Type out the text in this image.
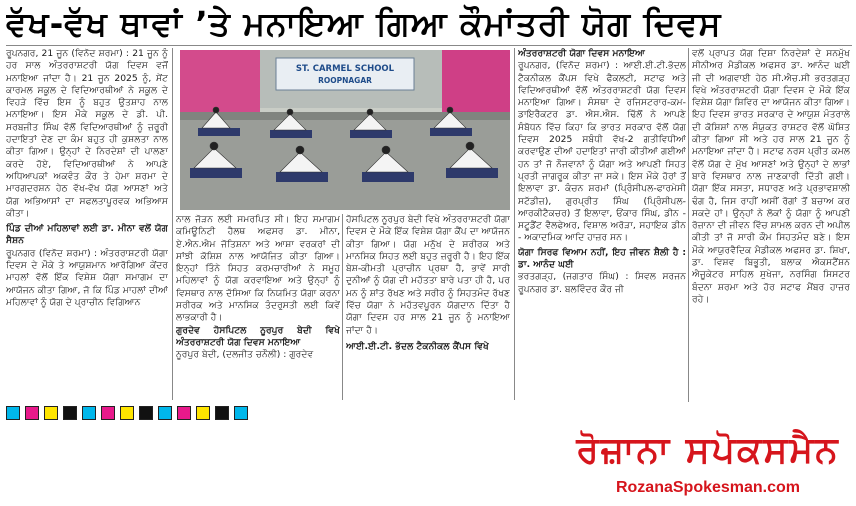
ਵੱਖ-ਵੱਖ ਥਾਵਾਂ ’ਤੇ ਮਨਾਇਆ ਗਿਆ ਕੌਮਾਂਤਰੀ ਯੋਗ ਦਿਵਸ

ਰੂਪਨਗਰ, 21 ਜੂਨ (ਵਿਨੋਦ ਸ਼ਰਮਾ) : 21 ਜੂਨ ਨੂੰ ਹਰ ਸਾਲ ਅੰਤਰਰਾਸ਼ਟਰੀ ਯੋਗ ਦਿਵਸ ਵਜੋਂ ਮਨਾਇਆ ਜਾਂਦਾ ਹੈ। 21 ਜੂਨ 2025 ਨੂੰ, ਸੇਂਟ ਕਾਰਮਲ ਸਕੂਲ ਦੇ ਵਿਦਿਆਰਥੀਆਂ ਨੇ ਸਕੂਲ ਦੇ ਵਿਹੜੇ ਵਿੱਚ ਇਸ ਨੂੰ ਬਹੁਤ ਉਤਸ਼ਾਹ ਨਾਲ ਮਨਾਇਆ। ਇਸ ਮੌਕੇ ਸਕੂਲ ਦੇ ਡੀ. ਪੀ. ਸਰਬਜੀਤ ਸਿੰਘ ਵੱਲੋਂ ਵਿਦਿਆਰਥੀਆਂ ਨੂੰ ਜ਼ਰੂਰੀ ਹਦਾਇਤਾਂ ਦੇਣ ਦਾ ਕੰਮ ਬਹੁਤ ਹੀ ਕੁਸ਼ਲਤਾ ਨਾਲ ਕੀਤਾ ਗਿਆ। ਉਨ੍ਹਾਂ ਦੇ ਨਿਰਦੇਸ਼ਾਂ ਦੀ ਪਾਲਣਾ ਕਰਦੇ ਹੋਏ, ਵਿਦਿਆਰਥੀਆਂ ਨੇ ਆਪਣੇ ਅਧਿਆਪਕਾਂ ਅਕਵੰਤ ਕੌਰ ਤੇ ਹੇਮਾ ਸ਼ਰਮਾ ਦੇ ਮਾਰਗਦਰਸ਼ਨ ਹੇਠ ਵੱਖ-ਵੱਖ ਯੋਗ ਆਸਣਾਂ ਅਤੇ ਯੋਗ ਅਭਿਆਸਾਂ ਦਾ ਸਫਲਤਾਪੂਰਵਕ ਅਭਿਆਸ ਕੀਤਾ।

ਪਿੰਡ ਦੀਆਂ ਮਹਿਲਾਵਾਂ ਲਈ ਡਾ. ਮੀਨਾ ਵਲੋਂ ਯੋਗ ਸੈਸ਼ਨ

ਰੂਪਨਗਰ (ਵਿਨੋਦ ਸ਼ਰਮਾ) : ਅੰਤਰਰਾਸ਼ਟਰੀ ਯੋਗਾ ਦਿਵਸ ਦੇ ਮੌਕੇ ਤੇ ਆਯੁਸ਼ਮਾਨ ਆਰੋਗਿਆ ਕੇਂਦਰ ਮਾਹਲਾਂ ਵੱਲੋਂ ਇੱਕ ਵਿਸ਼ੇਸ਼ ਯੋਗਾ ਸਮਾਗਮ ਦਾ ਆਯੋਜਨ ਕੀਤਾ ਗਿਆ, ਜੋ ਕਿ ਪਿੰਡ ਮਾਹਲਾਂ ਦੀਆਂ ਮਹਿਲਾਵਾਂ ਨੂੰ ਯੋਗ ਦੇ ਪ੍ਰਾਚੀਨ ਵਿਗਿਆਨ

ST. CARMEL SCHOOL
ROOPNAGAR

ਨਾਲ ਜੋੜਨ ਲਈ ਸਮਰਪਿਤ ਸੀ। ਇਹ ਸਮਾਗਮ ਕਮਿਊਨਿਟੀ ਹੈਲਥ ਅਫਸਰ ਡਾ. ਮੀਨਾ, ਏ.ਐਨ.ਐਮ ਜੋਤਿਸ਼ਨਾ ਅਤੇ ਆਸ਼ਾ ਵਰਕਰਾਂ ਦੀ ਸਾਂਝੀ ਕੋਸ਼ਿਸ਼ ਨਾਲ ਆਯੋਜਿਤ ਕੀਤਾ ਗਿਆ। ਇਨ੍ਹਾਂ ਤਿੰਨੇ ਸਿਹਤ ਕਰਮਚਾਰੀਆਂ ਨੇ ਸਮੂਹ ਮਹਿਲਾਵਾਂ ਨੂੰ ਯੋਗ ਕਰਵਾਇਆ ਅਤੇ ਉਨ੍ਹਾਂ ਨੂੰ ਵਿਸਥਾਰ ਨਾਲ ਦੱਸਿਆ ਕਿ ਨਿਯਮਿਤ ਯੋਗਾ ਕਰਨਾ ਸਰੀਰਕ ਅਤੇ ਮਾਨਸਿਕ ਤੰਦਰੁਸਤੀ ਲਈ ਕਿਵੇਂ ਲਾਭਕਾਰੀ ਹੈ।

ਗੁਰਦੇਵ ਹੋਸਪਿਟਲ ਨੂਰਪੁਰ ਬੇਦੀ ਵਿਖੇ ਅੰਤਰਰਾਸ਼ਟਰੀ ਯੋਗ ਦਿਵਸ ਮਨਾਇਆ

ਨੂਰਪੁਰ ਬੇਦੀ, (ਦਲਜੀਤ ਚਨੌਲੀ) : ਗੁਰਦੇਵ

ਹੋਸਪਿਟਲ ਨੂਰਪੁਰ ਬੇਦੀ ਵਿਖੇ ਅੰਤਰਰਾਸ਼ਟਰੀ ਯੋਗਾ ਦਿਵਸ ਦੇ ਮੌਕੇ ਇੱਕ ਵਿਸ਼ੇਸ਼ ਯੋਗਾ ਕੈਂਪ ਦਾ ਆਯੋਜਨ ਕੀਤਾ ਗਿਆ। ਯੋਗ ਮਨੁੱਖ ਦੇ ਸ਼ਰੀਰਕ ਅਤੇ ਮਾਨਸਿਕ ਸਿਹਤ ਲਈ ਬਹੁਤ ਜ਼ਰੂਰੀ ਹੈ। ਇਹ ਇੱਕ ਬੇਸ਼-ਕੀਮਤੀ ਪ੍ਰਾਚੀਨ ਪ੍ਰਥਾ ਹੈ, ਭਾਵੇਂ ਸਾਰੀ ਦੁਨੀਆਂ ਨੂੰ ਯੋਗ ਦੀ ਮਹੱਤਤਾ ਬਾਰੇ ਪਤਾ ਹੀ ਹੈ, ਪਰ ਮਨ ਨੂੰ ਸ਼ਾਂਤ ਰੱਖਣ ਅਤੇ ਸਰੀਰ ਨੂੰ ਸਿਹਤਮੰਦ ਰੱਖਣ ਵਿੱਚ ਯੋਗਾ ਨੇ ਮਹੱਤਵਪੂਰਨ ਯੋਗਦਾਨ ਦਿੱਤਾ ਹੈ ਯੋਗਾ ਦਿਵਸ ਹਰ ਸਾਲ 21 ਜੂਨ ਨੂੰ ਮਨਾਇਆ ਜਾਂਦਾ ਹੈ।

ਆਈ.ਈ.ਟੀ. ਭੱਦਲ ਟੈਕਨੀਕਲ ਕੈਂਪਸ ਵਿਖੇ

ਅੰਤਰਰਾਸ਼ਟਰੀ ਯੋਗਾ ਦਿਵਸ ਮਨਾਇਆ

ਰੂਪਨਗਰ, (ਵਿਨੋਦ ਸ਼ਰਮਾ) : ਆਈ.ਈ.ਟੀ.ਭੱਦਲ ਟੈਕਨੀਕਲ ਕੈਂਪਸ ਵਿਖੇ ਫੈਕਲਟੀ, ਸਟਾਫ ਅਤੇ ਵਿਦਿਆਰਥੀਆਂ ਵੱਲੋਂ ਅੰਤਰਰਾਸ਼ਟਰੀ ਯੋਗ ਦਿਵਸ ਮਨਾਇਆ ਗਿਆ। ਸੰਸਥਾ ਦੇ ਰਜਿਸਟਰਾਰ-ਕਮ-ਡਾਇਰੈਕਟਰ ਡਾ. ਐਸ.ਐਸ. ਢਿੱਲੋਂ ਨੇ ਆਪਣੇ ਸੰਬੋਧਨ ਵਿੱਚ ਕਿਹਾ ਕਿ ਭਾਰਤ ਸਰਕਾਰ ਵੱਲੋਂ ਯੋਗ ਦਿਵਸ 2025 ਸਬੰਧੀ ਵੱਖ-2 ਗਤੀਵਿਧੀਆਂ ਕਰਵਾਉਣ ਦੀਆਂ ਹਦਾਇਤਾਂ ਜਾਰੀ ਕੀਤੀਆਂ ਗਈਆਂ ਹਨ ਤਾਂ ਜੋ ਨੌਜਵਾਨਾਂ ਨੂੰ ਯੋਗਾ ਅਤੇ ਆਪਣੀ ਸਿਹਤ ਪ੍ਰਤੀ ਜਾਗਰੂਕ ਕੀਤਾ ਜਾ ਸਕੇ। ਇਸ ਮੌਕੇ ਹੋਰਾਂ ਤੋਂ ਇਲਾਵਾ ਡਾ. ਕੰਚਨ ਸ਼ਰਮਾਂ (ਪ੍ਰਿੰਸੀਪਲ-ਫਾਰਮੇਸੀ ਸਟੱਡੀਜ਼), ਗੁਰਪ੍ਰੀਤ ਸਿੰਘ (ਪ੍ਰਿੰਸੀਪਲ-ਆਰਕੀਟੈਕਚਰ) ਤੋਂ ਇਲਾਵਾ, ਓਂਕਾਰ ਸਿੰਘ, ਡੀਨ - ਸਟੂਡੈਂਟ ਵੈਲਫੇਅਰ, ਵਿਸ਼ਾਲ ਅਰੋੜਾ, ਸਹਾਇਕ ਡੀਨ - ਅਕਾਦਮਿਕ ਆਦਿ ਹਾਜ਼ਰ ਸਨ।

ਯੋਗਾ ਸਿਰਫ ਵਿਆਮ ਨਹੀਂ, ਇਹ ਜੀਵਨ ਸ਼ੈਲੀ ਹੈ : ਡਾ. ਆਨੰਦ ਘਈ

ਭਰਤਗੜ੍ਹ, (ਜਗਤਾਰ ਸਿੰਘ) : ਸਿਵਲ ਸਰਜਨ ਰੂਪਨਗਰ ਡਾ. ਬਲਵਿੰਦਰ ਕੌਰ ਜੀ

ਵਲੋਂ ਪ੍ਰਾਪਤ ਯੋਗ ਦਿਸ਼ਾ ਨਿਰਦੇਸ਼ਾਂ ਦੇ ਸਨਮੁੱਖ ਸੀਨੀਅਰ ਮੈਡੀਕਲ ਅਫਸਰ ਡਾ. ਆਨੰਦ ਘਈ ਜੀ ਦੀ ਅਗਵਾਈ ਹੇਠ ਸੀ.ਐਚ.ਸੀ ਭਰਤਗੜ੍ਹ ਵਿਖੇ ਅੰਤਰਰਾਸ਼ਟਰੀ ਯੋਗਾ ਦਿਵਸ ਦੇ ਮੌਕੇ ਇੱਕ ਵਿਸ਼ੇਸ਼ ਯੋਗਾ ਸ਼ਿਵਿਰ ਦਾ ਆਯੋਜਨ ਕੀਤਾ ਗਿਆ। ਇਹ ਦਿਵਸ ਭਾਰਤ ਸਰਕਾਰ ਦੇ ਆਯੁਸ਼ ਮੰਤਰਾਲੇ ਦੀ ਕੋਸ਼ਿਸ਼ਾਂ ਨਾਲ ਸੰਯੁਕਤ ਰਾਸ਼ਟਰ ਵੱਲੋਂ ਘੋਸ਼ਿਤ ਕੀਤਾ ਗਿਆ ਸੀ ਅਤੇ ਹਰ ਸਾਲ 21 ਜੂਨ ਨੂੰ ਮਨਾਇਆ ਜਾਂਦਾ ਹੈ। ਸਟਾਫ ਨਰਸ ਪ੍ਰੀਤ ਕਮਲ ਵੱਲੋਂ ਯੋਗ ਦੇ ਮੁੱਖ ਆਸਣਾਂ ਅਤੇ ਉਨ੍ਹਾਂ ਦੇ ਲਾਭਾਂ ਬਾਰੇ ਵਿਸਥਾਰ ਨਾਲ ਜਾਣਕਾਰੀ ਦਿੱਤੀ ਗਈ। ਯੋਗਾ ਇੱਕ ਸਸਤਾ, ਸਧਾਰਣ ਅਤੇ ਪ੍ਰਭਾਵਸ਼ਾਲੀ ਢੰਗ ਹੈ, ਜਿਸ ਰਾਹੀਂ ਅਸੀਂ ਰੋਗਾਂ ਤੋਂ ਬਚਾਅ ਕਰ ਸਕਦੇ ਹਾਂ। ਉਨ੍ਹਾਂ ਨੇ ਲੋਕਾਂ ਨੂੰ ਯੋਗਾ ਨੂੰ ਆਪਣੀ ਰੋਜ਼ਾਨਾ ਦੀ ਜੀਵਨ ਵਿੱਚ ਸ਼ਾਮਲ ਕਰਨ ਦੀ ਅਪੀਲ ਕੀਤੀ ਤਾਂ ਜੋ ਸਾਰੀ ਕੌਮ ਸਿਹਤਮੰਦ ਬਣੇ। ਇਸ ਮੌਕੇ ਆਯੁਰਵੈਦਿਕ ਮੈਡੀਕਲ ਅਫਸਰ ਡਾ. ਸ਼ਿਖਾ, ਡਾ. ਵਿਸ਼ਵ ਬਿਭੂਤੀ, ਬਲਾਕ ਐਕਸਟੈਂਸ਼ਨ ਐਜੂਕੇਟਰ ਸਾਹਿਲ ਸੁਖੇਜਾ, ਨਰਸਿੰਗ ਸਿਸਟਰ ਬੰਦਨਾ ਸ਼ਰਮਾ ਅਤੇ ਹੋਰ ਸਟਾਫ ਮੈਂਬਰ ਹਾਜ਼ਰ ਰਹੇ।

ਰੋਜ਼ਾਨਾ ਸਪੋਕਸਮੈਨ
RozanaSpokesman.com
